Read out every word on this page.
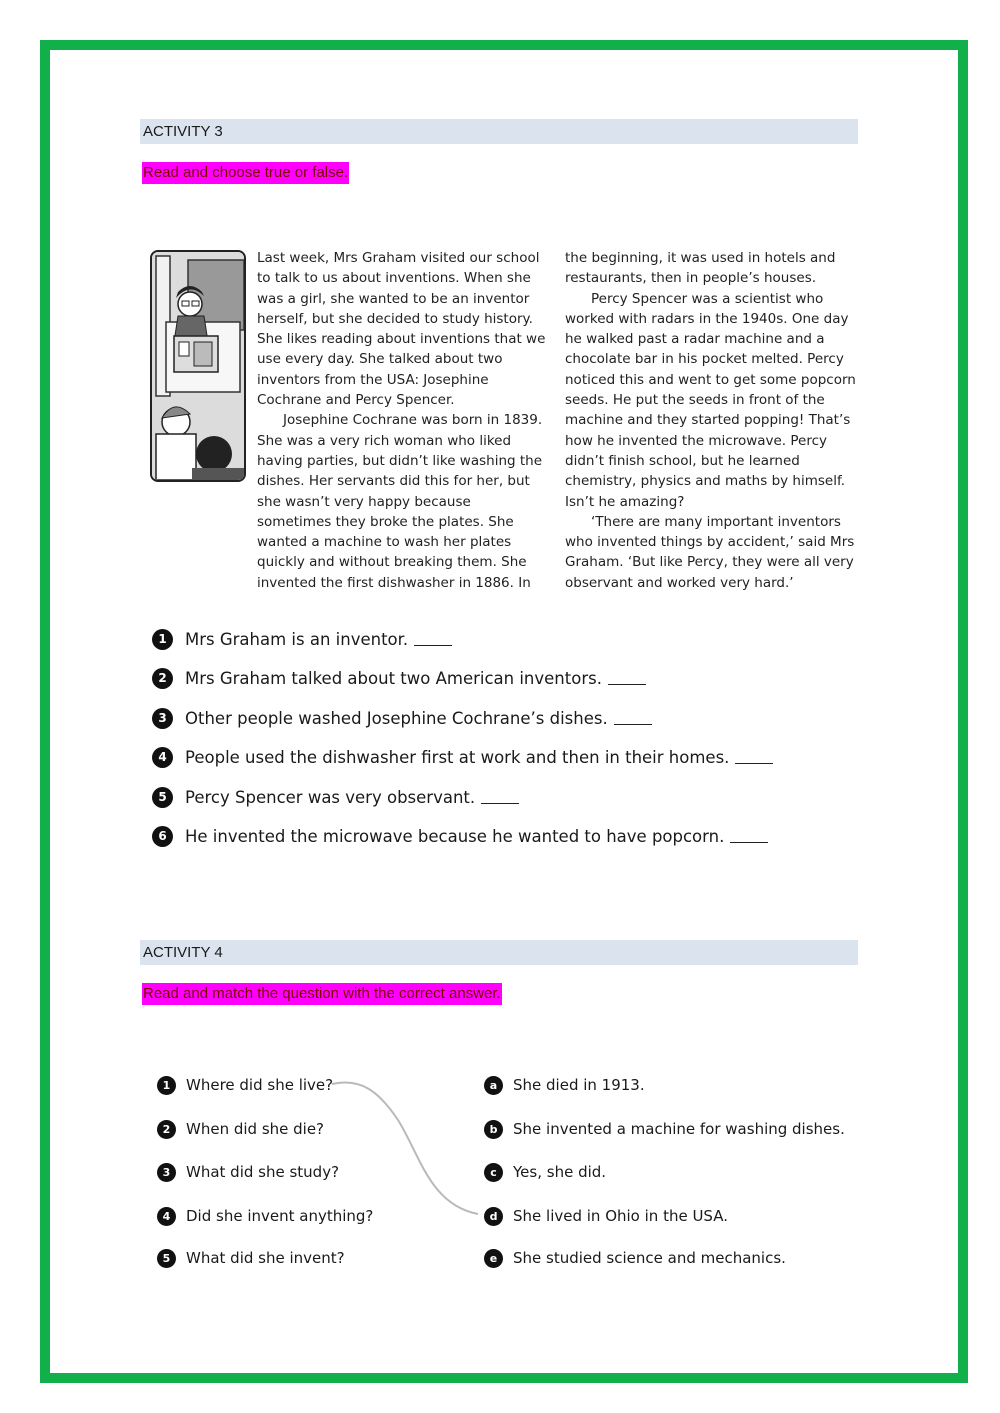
ACTIVITY 3
Read and choose true or false.

Last week, Mrs Graham visited our school to talk to us about inventions. When she was a girl, she wanted to be an inventor herself, but she decided to study history. She likes reading about inventions that we use every day. She talked about two inventors from the USA: Josephine Cochrane and Percy Spencer.

Josephine Cochrane was born in 1839. She was a very rich woman who liked having parties, but didn’t like washing the dishes. Her servants did this for her, but she wasn’t very happy because sometimes they broke the plates. She wanted a machine to wash her plates quickly and without breaking them. She invented the first dishwasher in 1886. In

the beginning, it was used in hotels and restaurants, then in people’s houses.

Percy Spencer was a scientist who worked with radars in the 1940s. One day he walked past a radar machine and a chocolate bar in his pocket melted. Percy noticed this and went to get some popcorn seeds. He put the seeds in front of the machine and they started popping! That’s how he invented the microwave. Percy didn’t finish school, but he learned chemistry, physics and maths by himself. Isn’t he amazing?

‘There are many important inventors who invented things by accident,’ said Mrs Graham. ‘But like Percy, they were all very observant and worked very hard.’

1	Mrs Graham is an inventor.
2	Mrs Graham talked about two American inventors.
3	Other people washed Josephine Cochrane’s dishes.
4	People used the dishwasher first at work and then in their homes.
5	Percy Spencer was very observant.
6	He invented the microwave because he wanted to have popcorn.
ACTIVITY 4
Read and match the question with the correct answer.
1	Where did she live?
2	When did she die?
3	What did she study?
4	Did she invent anything?
5	What did she invent?
a	She died in 1913.
b	She invented a machine for washing dishes.
c	Yes, she did.
d	She lived in Ohio in the USA.
e	She studied science and mechanics.
